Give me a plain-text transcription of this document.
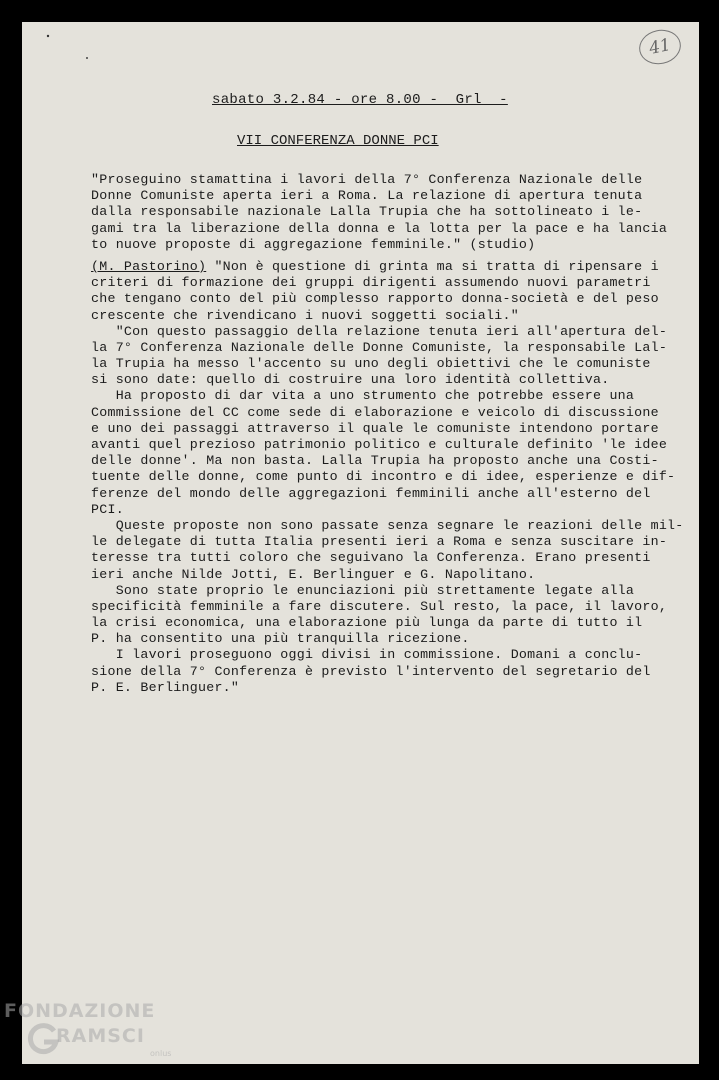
41
sabato 3.2.84 - ore 8.00 -  Grl  -
VII CONFERENZA DONNE PCI
"Proseguino stamattina i lavori della 7° Conferenza Nazionale delle
Donne Comuniste aperta ieri a Roma. La relazione di apertura tenuta
dalla responsabile nazionale Lalla Trupia che ha sottolineato i le-
gami tra la liberazione della donna e la lotta per la pace e ha lancia
to nuove proposte di aggregazione femminile." (studio)
(M. Pastorino) "Non è questione di grinta ma si tratta di ripensare i
criteri di formazione dei gruppi dirigenti assumendo nuovi parametri
che tengano conto del più complesso rapporto donna-società e del peso
crescente che rivendicano i nuovi soggetti sociali."
"Con questo passaggio della relazione tenuta ieri all'apertura del-
la 7° Conferenza Nazionale delle Donne Comuniste, la responsabile Lal-
la Trupia ha messo l'accento su uno degli obiettivi che le comuniste
si sono date: quello di costruire una loro identità collettiva.
Ha proposto di dar vita a uno strumento che potrebbe essere una
Commissione del CC come sede di elaborazione e veicolo di discussione
e uno dei passaggi attraverso il quale le comuniste intendono portare
avanti quel prezioso patrimonio politico e culturale definito 'le idee
delle donne'. Ma non basta. Lalla Trupia ha proposto anche una Costi-
tuente delle donne, come punto di incontro e di idee, esperienze e dif-
ferenze del mondo delle aggregazioni femminili anche all'esterno del
PCI.
Queste proposte non sono passate senza segnare le reazioni delle mil-
le delegate di tutta Italia presenti ieri a Roma e senza suscitare in-
teresse tra tutti coloro che seguivano la Conferenza. Erano presenti
ieri anche Nilde Jotti, E. Berlinguer e G. Napolitano.
Sono state proprio le enunciazioni più strettamente legate alla
specificità femminile a fare discutere. Sul resto, la pace, il lavoro,
la crisi economica, una elaborazione più lunga da parte di tutto il
P. ha consentito una più tranquilla ricezione.
I lavori proseguono oggi divisi in commissione. Domani a conclu-
sione della 7° Conferenza è previsto l'intervento del segretario del
P. E. Berlinguer."
FONDAZIONE
RAMSCI
onlus
